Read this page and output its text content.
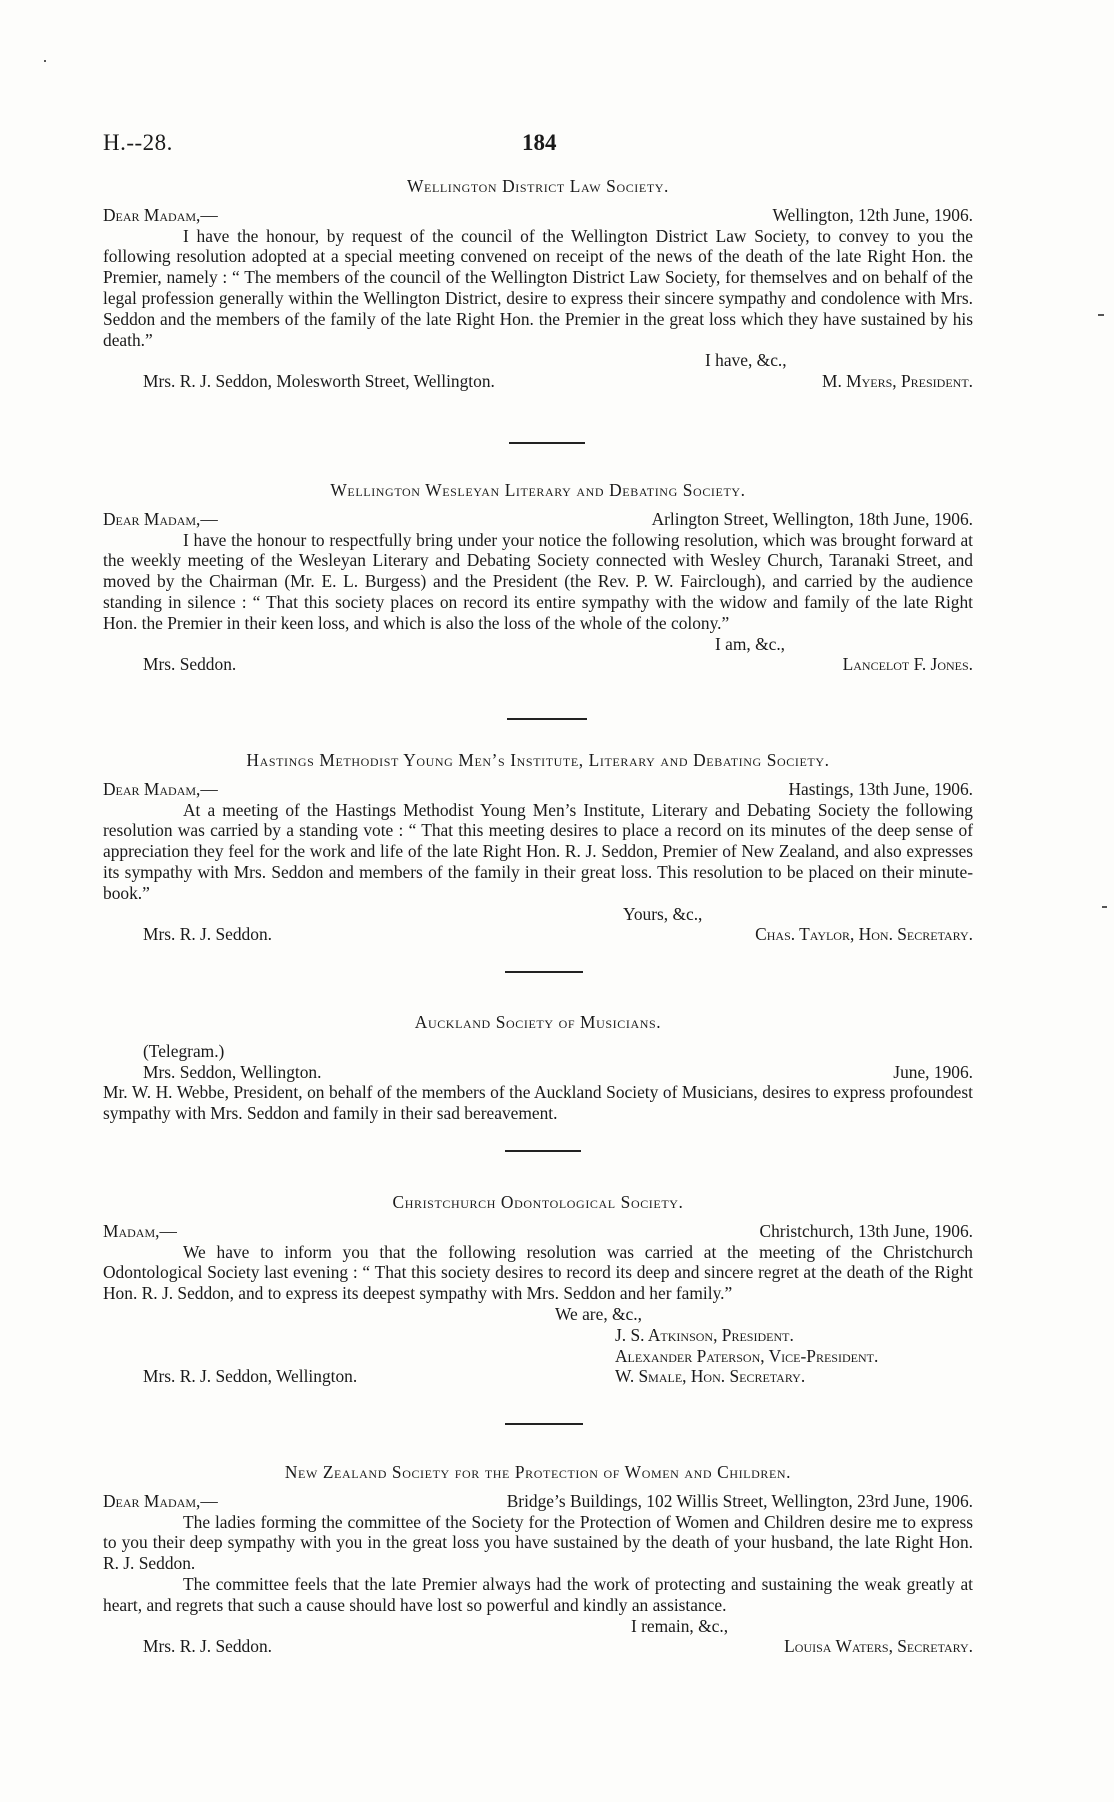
H.--28.	184
Wellington District Law Society.
Dear Madam,—	Wellington, 12th June, 1906.

I have the honour, by request of the council of the Wellington District Law Society, to convey to you the following resolution adopted at a special meeting convened on receipt of the news of the death of the late Right Hon. the Premier, namely : “ The members of the council of the Wellington District Law Society, for themselves and on behalf of the legal profession generally within the Wellington District, desire to express their sincere sympathy and condolence with Mrs. Seddon and the members of the family of the late Right Hon. the Premier in the great loss which they have sustained by his death.”

I have, &c.,
Mrs. R. J. Seddon, Molesworth Street, Wellington.	M. Myers, President.
Wellington Wesleyan Literary and Debating Society.
Dear Madam,—	Arlington Street, Wellington, 18th June, 1906.

I have the honour to respectfully bring under your notice the following resolution, which was brought forward at the weekly meeting of the Wesleyan Literary and Debating Society connected with Wesley Church, Taranaki Street, and moved by the Chairman (Mr. E. L. Burgess) and the President (the Rev. P. W. Fairclough), and carried by the audience standing in silence : “ That this society places on record its entire sympathy with the widow and family of the late Right Hon. the Premier in their keen loss, and which is also the loss of the whole of the colony.”

I am, &c.,
Mrs. Seddon.	Lancelot F. Jones.
Hastings Methodist Young Men’s Institute, Literary and Debating Society.
Dear Madam,—	Hastings, 13th June, 1906.

At a meeting of the Hastings Methodist Young Men’s Institute, Literary and Debating Society the following resolution was carried by a standing vote : “ That this meeting desires to place a record on its minutes of the deep sense of appreciation they feel for the work and life of the late Right Hon. R. J. Seddon, Premier of New Zealand, and also expresses its sympathy with Mrs. Seddon and members of the family in their great loss. This resolution to be placed on their minute-book.”

Yours, &c.,
Mrs. R. J. Seddon.	Chas. Taylor, Hon. Secretary.
Auckland Society of Musicians.
(Telegram.)
Mrs. Seddon, Wellington.	June, 1906.

Mr. W. H. Webbe, President, on behalf of the members of the Auckland Society of Musicians, desires to express profoundest sympathy with Mrs. Seddon and family in their sad bereavement.

Christchurch Odontological Society.
Madam,—	Christchurch, 13th June, 1906.

We have to inform you that the following resolution was carried at the meeting of the Christchurch Odontological Society last evening : “ That this society desires to record its deep and sincere regret at the death of the Right Hon. R. J. Seddon, and to express its deepest sympathy with Mrs. Seddon and her family.”

We are, &c.,
J. S. Atkinson, President.
Alexander Paterson, Vice-President.
Mrs. R. J. Seddon, Wellington.	W. Smale, Hon. Secretary.
New Zealand Society for the Protection of Women and Children.
Dear Madam,—	Bridge’s Buildings, 102 Willis Street, Wellington, 23rd June, 1906.

The ladies forming the committee of the Society for the Protection of Women and Children desire me to express to you their deep sympathy with you in the great loss you have sustained by the death of your husband, the late Right Hon. R. J. Seddon.

The committee feels that the late Premier always had the work of protecting and sustaining the weak greatly at heart, and regrets that such a cause should have lost so powerful and kindly an assistance.

I remain, &c.,
Mrs. R. J. Seddon.	Louisa Waters, Secretary.
